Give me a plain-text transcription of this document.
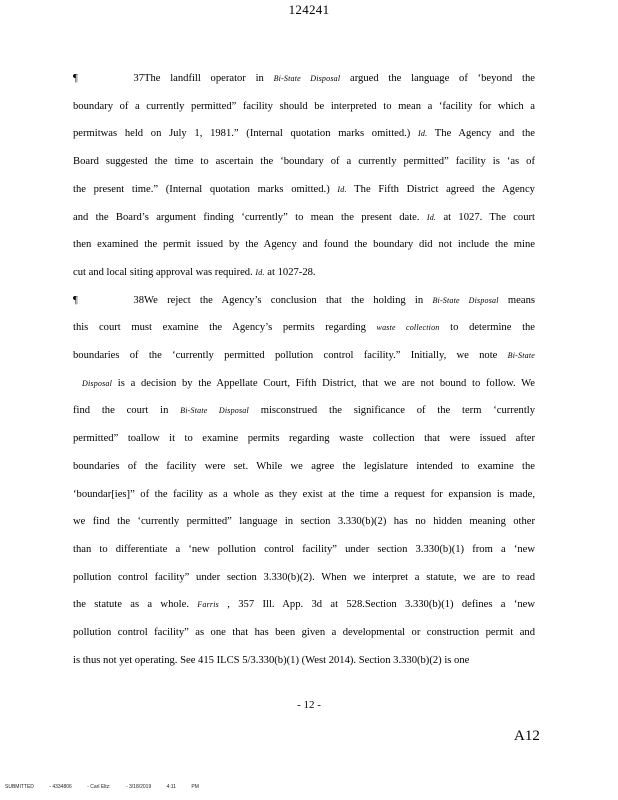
124241
¶ 37The landfill operator in Bi-State Disposal argued the language of ‘beyond the
boundary of a currently permitted” facility should be interpreted to mean a ‘facility for which a
permitwas held on July 1, 1981.” (Internal quotation marks omitted.) Id. The Agency and the
Board suggested the time to ascertain the ‘boundary of a currently permitted” facility is ‘as of
the present time.” (Internal quotation marks omitted.) Id. The Fifth District agreed the Agency
and the Board’s argument finding ‘currently” to mean the present date. Id. at 1027. The court
then examined the permit issued by the Agency and found the boundary did not include the mine
cut and local siting approval was required. Id. at 1027-28.
¶ 38We reject the Agency’s conclusion that the holding in Bi-State Disposal means
this court must examine the Agency’s permits regarding waste collection to determine the
boundaries of the ‘currently permitted pollution control facility.” Initially, we note Bi-State
Disposal is a decision by the Appellate Court, Fifth District, that we are not bound to follow. We
find the court in Bi-State Disposal misconstrued the significance of the term ‘currently
permitted” toallow it to examine permits regarding waste collection that were issued after
boundaries of the facility were set. While we agree the legislature intended to examine the
‘boundar[ies]” of the facility as a whole as they exist at the time a request for expansion is made,
we find the ‘currently permitted” language in section 3.330(b)(2) has no hidden meaning other
than to differentiate a ‘new pollution control facility” under section 3.330(b)(1) from a ‘new
pollution control facility” under section 3.330(b)(2). When we interpret a statute, we are to read
the statute as a whole. Farris , 357 Ill. App. 3d at 528.Section 3.330(b)(1) defines a ‘new
pollution control facility” as one that has been given a developmental or construction permit and
is thus not yet operating. See 415 ILCS 5/3.330(b)(1) (West 2014). Section 3.330(b)(2) is one
- 12 -
A12
SUBMITTED	- 4334806	- Carl Eltz:	- 3/18/2019	4:11	PM
